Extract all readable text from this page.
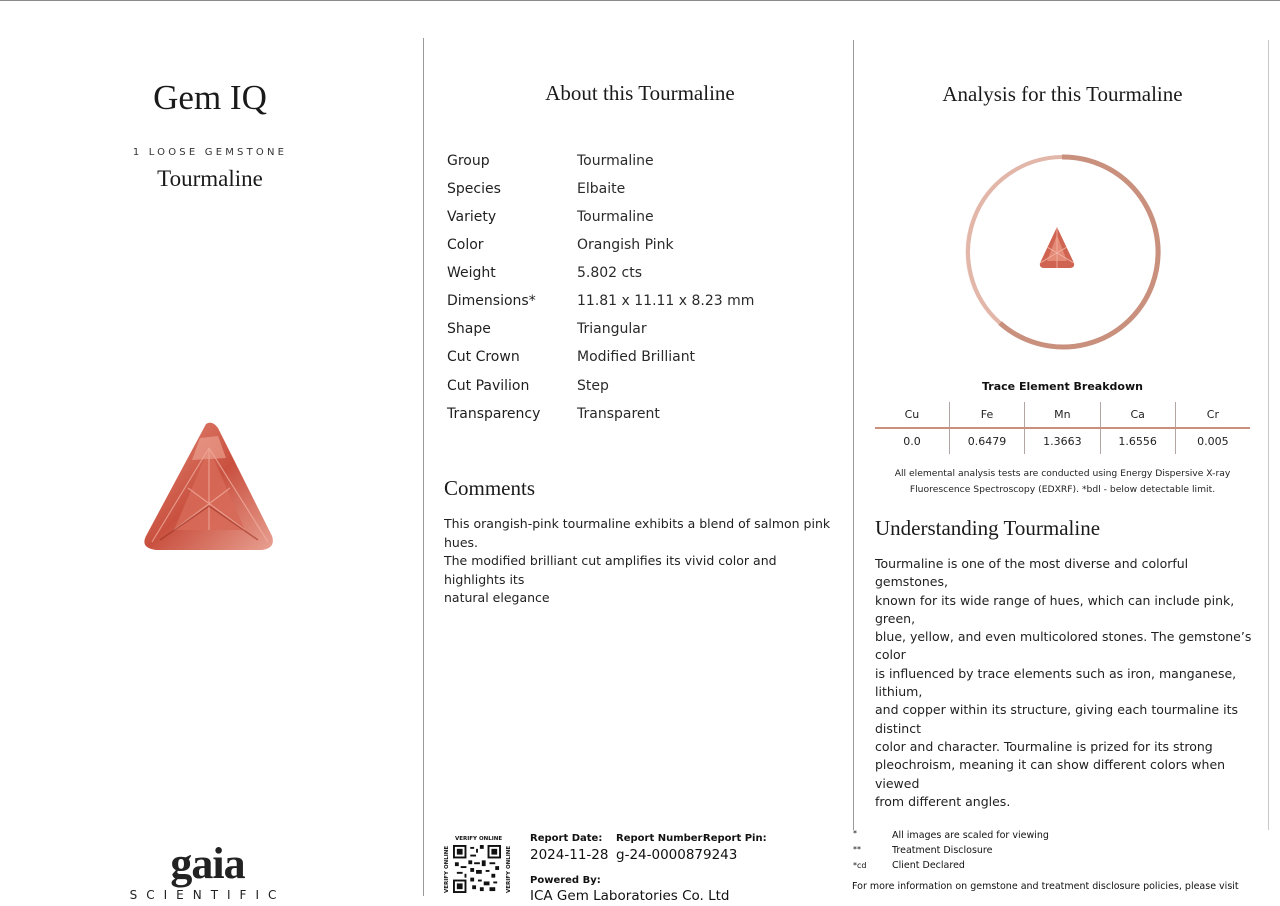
Gem IQ
1 LOOSE GEMSTONE
Tourmaline
gaia
SCIENTIFIC
About this Tourmaline
Group	Tourmaline
Species	Elbaite
Variety	Tourmaline
Color	Orangish Pink
Weight	5.802 cts
Dimensions*	11.81 x 11.11 x 8.23 mm
Shape	Triangular
Cut Crown	Modified Brilliant
Cut Pavilion	Step
Transparency	Transparent
Comments
This orangish-pink tourmaline exhibits a blend of salmon pink hues.
The modified brilliant cut amplifies its vivid color and highlights its
natural elegance
VERIFY ONLINE
VERIFY ONLINE	VERIFY ONLINE
Report Date:
2024-11-28
Report Number:
g-24-000087
Report Pin:
9243
Powered By:
ICA Gem Laboratories Co. Ltd
Analysis for this Tourmaline
Trace Element Breakdown
Cu	Fe	Mn	Ca	Cr
0.0	0.6479	1.3663	1.6556	0.005
All elemental analysis tests are conducted using Energy Dispersive X-ray
Fluorescence Spectroscopy (EDXRF). *bdl - below detectable limit.
Understanding Tourmaline
Tourmaline is one of the most diverse and colorful gemstones,
known for its wide range of hues, which can include pink, green,
blue, yellow, and even multicolored stones. The gemstone’s color
is influenced by trace elements such as iron, manganese, lithium,
and copper within its structure, giving each tourmaline its distinct
color and character. Tourmaline is prized for its strong
pleochroism, meaning it can show different colors when viewed
from different angles.
*	All images are scaled for viewing
**	Treatment Disclosure
*cd	Client Declared
For more information on gemstone and treatment disclosure policies, please visit
